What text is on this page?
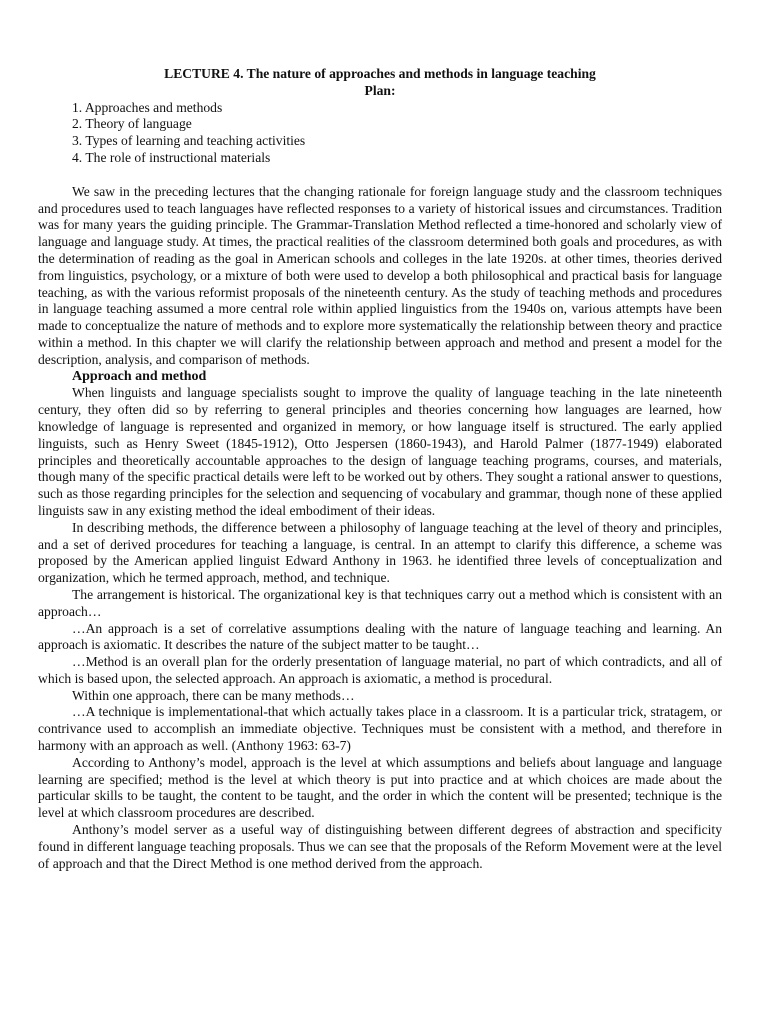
LECTURE 4. The nature of approaches and methods in language teaching
Plan:
1. Approaches and methods
2. Theory of language
3. Types of learning and teaching activities
4. The role of instructional materials

We saw in the preceding lectures that the changing rationale for foreign language study and the classroom techniques and procedures used to teach languages have reflected responses to a variety of historical issues and circumstances. Tradition was for many years the guiding principle. The Grammar-Translation Method reflected a time-honored and scholarly view of language and language study. At times, the practical realities of the classroom determined both goals and procedures, as with the determination of reading as the goal in American schools and colleges in the late 1920s. at other times, theories derived from linguistics, psychology, or a mixture of both were used to develop a both philosophical and practical basis for language teaching, as with the various reformist proposals of the nineteenth century. As the study of teaching methods and procedures in language teaching assumed a more central role within applied linguistics from the 1940s on, various attempts have been made to conceptualize the nature of methods and to explore more systematically the relationship between theory and practice within a method. In this chapter we will clarify the relationship between approach and method and present a model for the description, analysis, and comparison of methods.

Approach and method

When linguists and language specialists sought to improve the quality of language teaching in the late nineteenth century, they often did so by referring to general principles and theories concerning how languages are learned, how knowledge of language is represented and organized in memory, or how language itself is structured. The early applied linguists, such as Henry Sweet (1845-1912), Otto Jespersen (1860-1943), and Harold Palmer (1877-1949) elaborated principles and theoretically accountable approaches to the design of language teaching programs, courses, and materials, though many of the specific practical details were left to be worked out by others. They sought a rational answer to questions, such as those regarding principles for the selection and sequencing of vocabulary and grammar, though none of these applied linguists saw in any existing method the ideal embodiment of their ideas.

In describing methods, the difference between a philosophy of language teaching at the level of theory and principles, and a set of derived procedures for teaching a language, is central. In an attempt to clarify this difference, a scheme was proposed by the American applied linguist Edward Anthony in 1963. he identified three levels of conceptualization and organization, which he termed approach, method, and technique.

The arrangement is historical. The organizational key is that techniques carry out a method which is consistent with an approach…

…An approach is a set of correlative assumptions dealing with the nature of language teaching and learning. An approach is axiomatic. It describes the nature of the subject matter to be taught…

…Method is an overall plan for the orderly presentation of language material, no part of which contradicts, and all of which is based upon, the selected approach. An approach is axiomatic, a method is procedural.

Within one approach, there can be many methods…

…A technique is implementational-that which actually takes place in a classroom. It is a particular trick, stratagem, or contrivance used to accomplish an immediate objective. Techniques must be consistent with a method, and therefore in harmony with an approach as well. (Anthony 1963: 63-7)

According to Anthony’s model, approach is the level at which assumptions and beliefs about language and language learning are specified; method is the level at which theory is put into practice and at which choices are made about the particular skills to be taught, the content to be taught, and the order in which the content will be presented; technique is the level at which classroom procedures are described.

Anthony’s model server as a useful way of distinguishing between different degrees of abstraction and specificity found in different language teaching proposals. Thus we can see that the proposals of the Reform Movement were at the level of approach and that the Direct Method is one method derived from the approach.
